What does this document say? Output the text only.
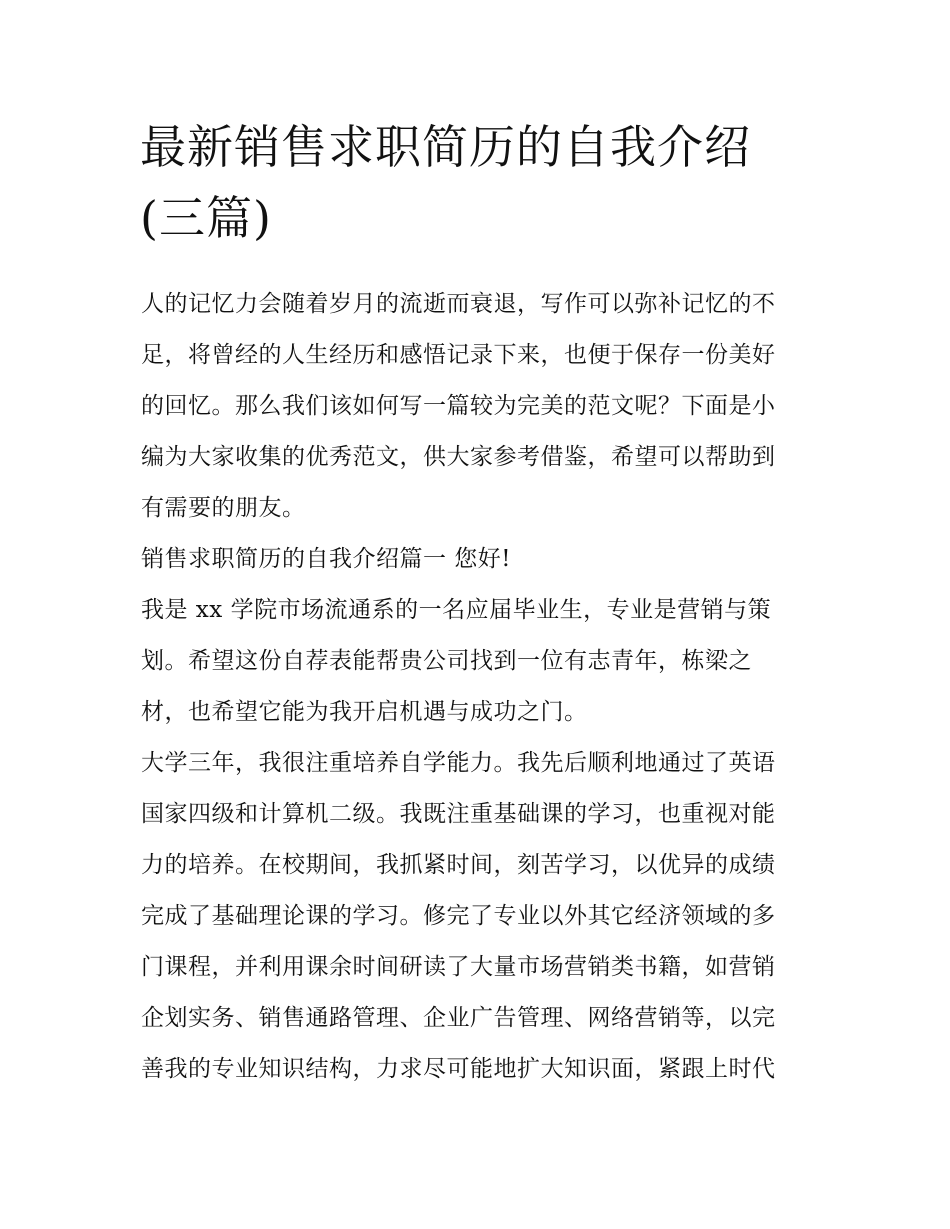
最新销售求职简历的自我介绍
(三篇)
人的记忆力会随着岁月的流逝而衰退，写作可以弥补记忆的不
足，将曾经的人生经历和感悟记录下来，也便于保存一份美好
的回忆。那么我们该如何写一篇较为完美的范文呢？下面是小
编为大家收集的优秀范文，供大家参考借鉴，希望可以帮助到
有需要的朋友。
销售求职简历的自我介绍篇一 您好!
我是 xx 学院市场流通系的一名应届毕业生，专业是营销与策
划。希望这份自荐表能帮贵公司找到一位有志青年，栋梁之
材，也希望它能为我开启机遇与成功之门。
大学三年，我很注重培养自学能力。我先后顺利地通过了英语
国家四级和计算机二级。我既注重基础课的学习，也重视对能
力的培养。在校期间，我抓紧时间，刻苦学习，以优异的成绩
完成了基础理论课的学习。修完了专业以外其它经济领域的多
门课程，并利用课余时间研读了大量市场营销类书籍，如营销
企划实务、销售通路管理、企业广告管理、网络营销等，以完
善我的专业知识结构，力求尽可能地扩大知识面，紧跟上时代
